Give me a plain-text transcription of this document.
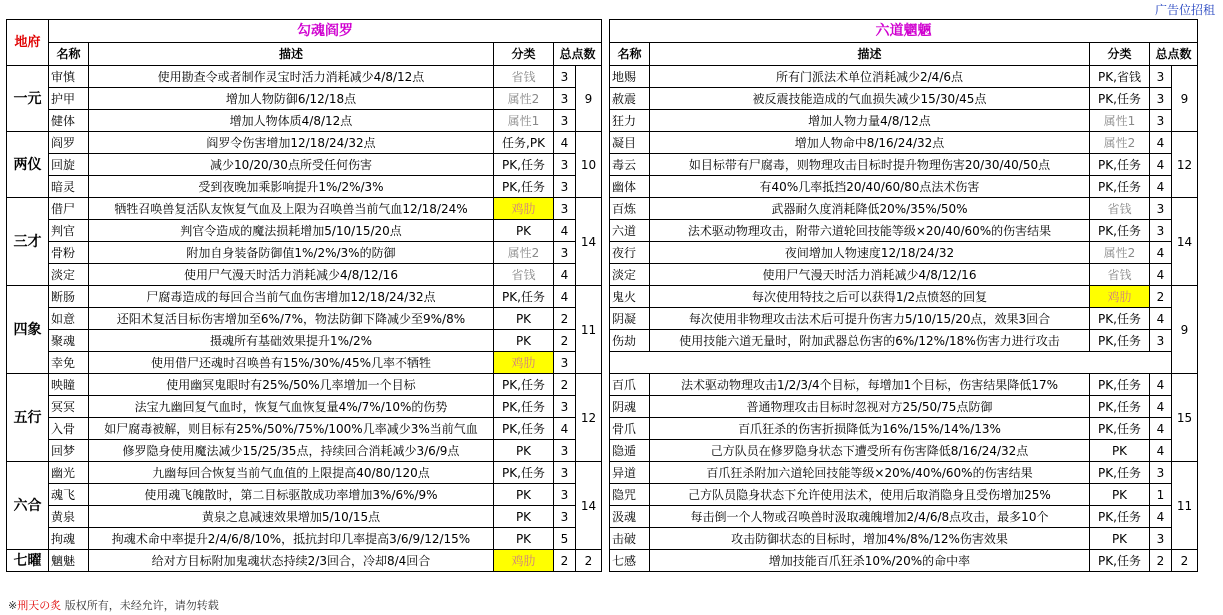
广告位招租
地府	勾魂阎罗						六道魍魉				
	名称	描述	分类	总点数			名称	描述	分类	总点数	
一元	审慎	使用勘查令或者制作灵宝时活力消耗减少4/8/12点	省钱	3	9		地赐	所有门派法术单位消耗减少2/4/6点	PK,省钱	3	9
	护甲	增加人物防御6/12/18点	属性2	3			赦震	被反震技能造成的气血损失减少15/30/45点	PK,任务	3	
	健体	增加人物体质4/8/12点	属性1	3			狂力	增加人物力量4/8/12点	属性1	3	
两仪	阎罗	阎罗令伤害增加12/18/24/32点	任务,PK	4	10		凝目	增加人物命中8/16/24/32点	属性2	4	12
	回旋	减少10/20/30点所受任何伤害	PK,任务	3			毒云	如目标带有尸腐毒，则物理攻击目标时提升物理伤害20/30/40/50点	PK,任务	4	
	暗灵	受到夜晚加乘影响提升1%/2%/3%	PK,任务	3			幽体	有40%几率抵挡20/40/60/80点法术伤害	PK,任务	4	
三才	借尸	牺牲召唤兽复活队友恢复气血及上限为召唤兽当前气血12/18/24%	鸡肋	3	14		百炼	武器耐久度消耗降低20%/35%/50%	省钱	3	14
	判官	判官令造成的魔法损耗增加5/10/15/20点	PK	4			六道	法术驱动物理攻击，附带六道轮回技能等级×20/40/60%的伤害结果	PK,任务	3	
	骨粉	附加自身装备防御值1%/2%/3%的防御	属性2	3			夜行	夜间增加人物速度12/18/24/32	属性2	4	
	淡定	使用尸气漫天时活力消耗减少4/8/12/16	省钱	4			淡定	使用尸气漫天时活力消耗减少4/8/12/16	省钱	4	
四象	断肠	尸腐毒造成的每回合当前气血伤害增加12/18/24/32点	PK,任务	4	11		鬼火	每次使用特技之后可以获得1/2点愤怒的回复	鸡肋	2	9
	如意	还阳术复活目标伤害增加至6%/7%，物法防御下降减少至9%/8%	PK	2			阴凝	每次使用非物理攻击法术后可提升伤害力5/10/15/20点，效果3回合	PK,任务	4	
	聚魂	摄魂所有基础效果提升1%/2%	PK	2			伤劫	使用技能六道无量时，附加武器总伤害的6%/12%/18%伤害力进行攻击	PK,任务	3	
	幸免	使用借尸还魂时召唤兽有15%/30%/45%几率不牺牲	鸡肋	3							
五行	映瞳	使用幽冥鬼眼时有25%/50%几率增加一个目标	PK,任务	2	12		百爪	法术驱动物理攻击1/2/3/4个目标，每增加1个目标，伤害结果降低17%	PK,任务	4	15
	冥冥	法宝九幽回复气血时，恢复气血恢复量4%/7%/10%的伤势	PK,任务	3			阴魂	普通物理攻击目标时忽视对方25/50/75点防御	PK,任务	4	
	入骨	如尸腐毒被解，则目标有25%/50%/75%/100%几率减少3%当前气血	PK,任务	4			骨爪	百爪狂杀的伤害折损降低为16%/15%/14%/13%	PK,任务	4	
	回梦	修罗隐身使用魔法减少15/25/35点，持续回合消耗减少3/6/9点	PK	3			隐遁	己方队员在修罗隐身状态下遭受所有伤害降低8/16/24/32点	PK	4	
六合	幽光	九幽每回合恢复当前气血值的上限提高40/80/120点	PK,任务	3	14		异道	百爪狂杀附加六道轮回技能等级×20%/40%/60%的伤害结果	PK,任务	3	11
	魂飞	使用魂飞魄散时，第二目标驱散成功率增加3%/6%/9%	PK	3			隐咒	己方队员隐身状态下允许使用法术，使用后取消隐身且受伤增加25%	PK	1	
	黄泉	黄泉之息减速效果增加5/10/15点	PK	3			汲魂	每击倒一个人物或召唤兽时汲取魂魄增加2/4/6/8点攻击，最多10个	PK,任务	4	
	拘魂	拘魂术命中率提升2/4/6/8/10%，抵抗封印几率提高3/6/9/12/15%	PK	5			击破	攻击防御状态的目标时，增加4%/8%/12%伤害效果	PK	3	
七曜	魑魅	给对方目标附加鬼魂状态持续2/3回合，冷却8/4回合	鸡肋	2	2		七感	增加技能百爪狂杀10%/20%的命中率	PK,任务	2	2
※刑天の炙 版权所有，未经允许，请勿转载
